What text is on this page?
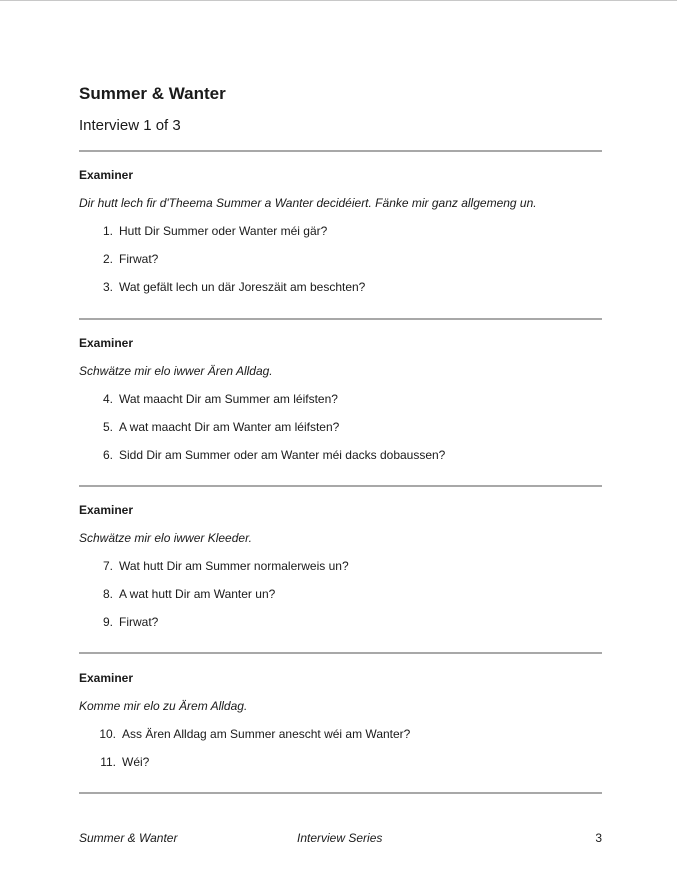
Summer & Wanter
Interview 1 of 3
Examiner
Dir hutt lech fir d'Theema Summer a Wanter decidéiert. Fänke mir ganz allgemeng un.
1. Hutt Dir Summer oder Wanter méi gär?
2. Firwat?
3. Wat gefält lech un där Joreszäit am beschten?
Examiner
Schwätze mir elo iwwer Ären Alldag.
4. Wat maacht Dir am Summer am léifsten?
5. A wat maacht Dir am Wanter am léifsten?
6. Sidd Dir am Summer oder am Wanter méi dacks dobaussen?
Examiner
Schwätze mir elo iwwer Kleeder.
7. Wat hutt Dir am Summer normalerweis un?
8. A wat hutt Dir am Wanter un?
9. Firwat?
Examiner
Komme mir elo zu Ärem Alldag.
10. Ass Ären Alldag am Summer anescht wéi am Wanter?
11. Wéi?
Summer & Wanter	Interview Series	3
